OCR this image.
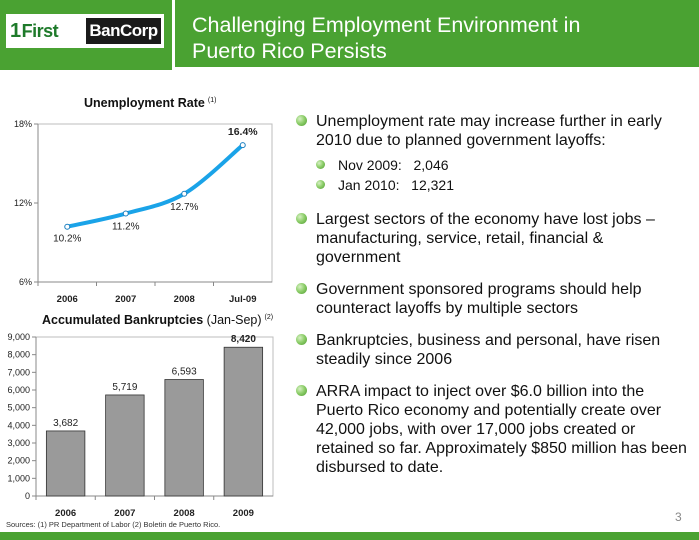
1 First BanCorp Challenging Employment Environment in
Puerto Rico Persists
Unemployment Rate $^{(1)}$
6%
12%
18%
2006	2007	2008	Jul-09
10.2%
11.2%
12.7%
16.4%
Accumulated Bankruptcies (Jan-Sep) $^{(2)}$
0
1,000
2,000
3,000
4,000
5,000
6,000
7,000
8,000
9,000
3,682
2006
5,719
2007
6,593
2008
8,420
2009
Unemployment rate may increase further in early 2010 due to planned government layoffs:
Nov 2009: 2,046
Jan 2010: 12,321
Largest sectors of the economy have lost jobs – manufacturing, service, retail, financial & government
Government sponsored programs should help counteract layoffs by multiple sectors
Bankruptcies, business and personal, have risen steadily since 2006
ARRA impact to inject over $6.0 billion into the Puerto Rico economy and potentially create over 42,000 jobs, with over 17,000 jobs created or retained so far. Approximately $850 million has been disbursed to date.
Sources: (1) PR Department of Labor (2) Boletin de Puerto Rico.
3
